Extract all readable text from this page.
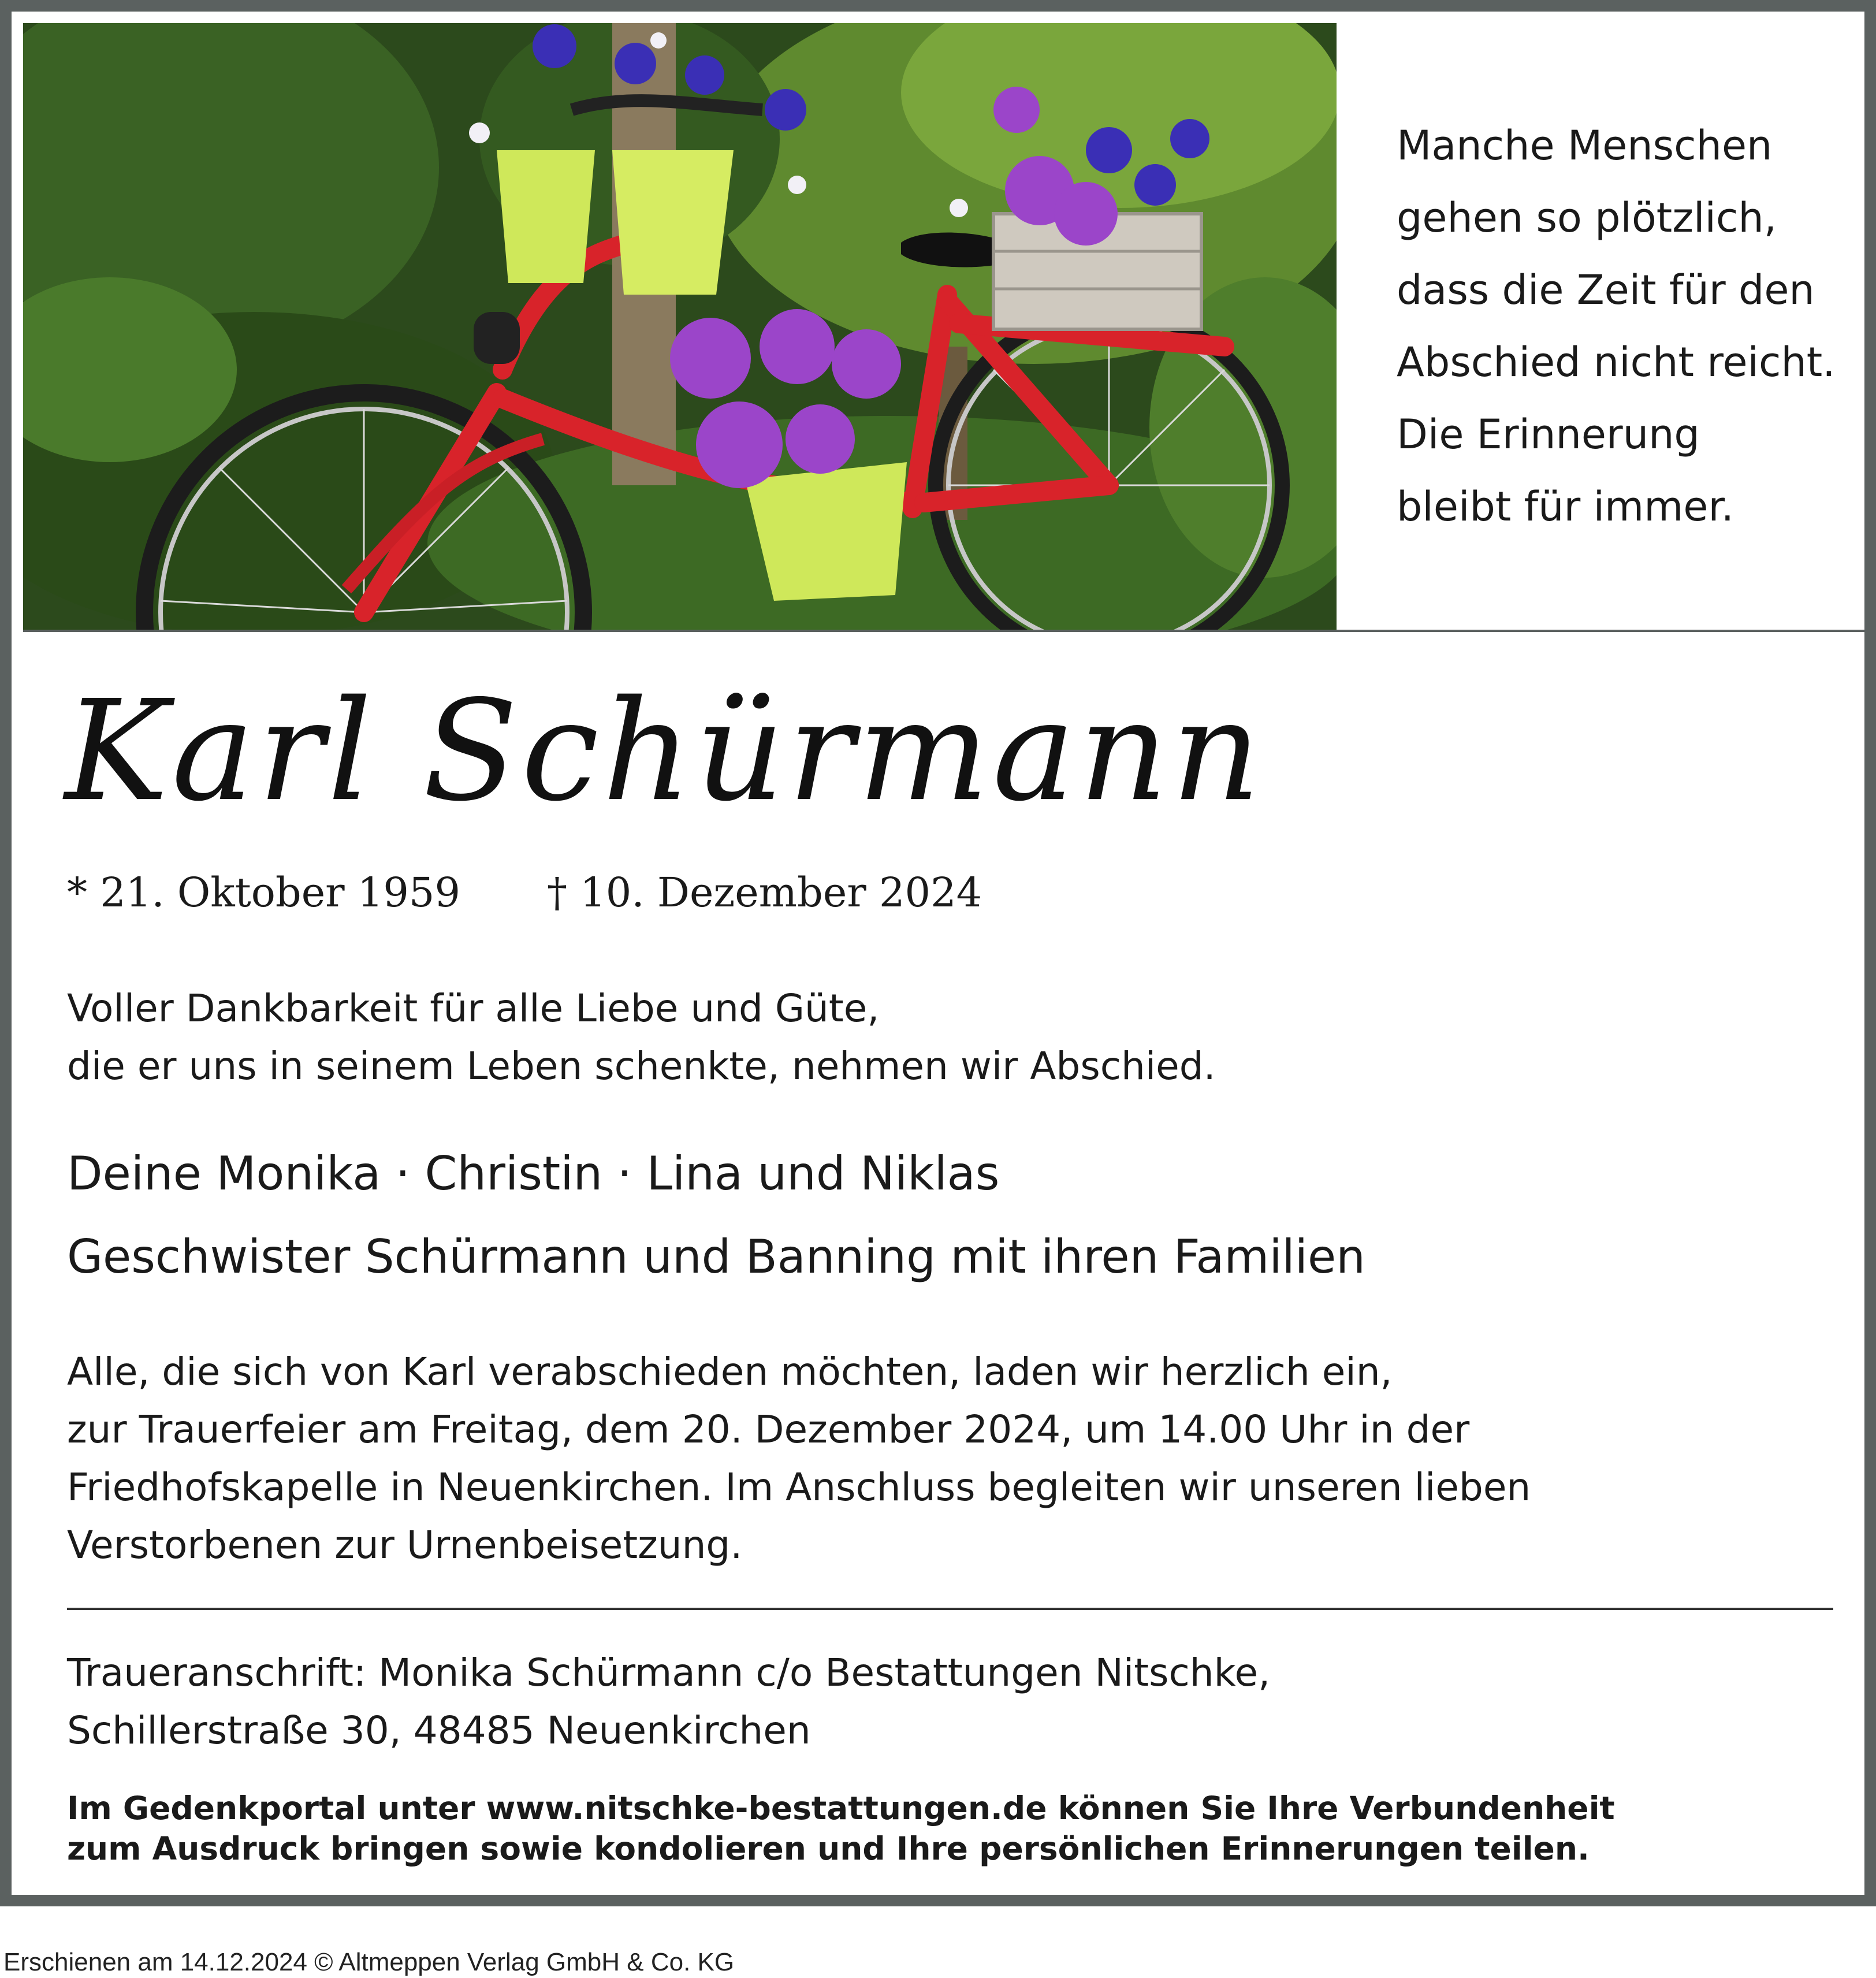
Manche Menschen
gehen so plötzlich,
dass die Zeit für den
Abschied nicht reicht.
Die Erinnerung
bleibt für immer.
Karl Schürmann
* 21. Oktober 1959 † 10. Dezember 2024
Voller Dankbarkeit für alle Liebe und Güte,
die er uns in seinem Leben schenkte, nehmen wir Abschied.
Deine Monika · Christin · Lina und Niklas
Geschwister Schürmann und Banning mit ihren Familien
Alle, die sich von Karl verabschieden möchten, laden wir herzlich ein,
zur Trauerfeier am Freitag, dem 20. Dezember 2024, um 14.00 Uhr in der
Friedhofskapelle in Neuenkirchen. Im Anschluss begleiten wir unseren lieben
Verstorbenen zur Urnenbeisetzung.
Traueranschrift: Monika Schürmann c/o Bestattungen Nitschke,
Schillerstraße 30, 48485 Neuenkirchen
Im Gedenkportal unter www.nitschke-bestattungen.de können Sie Ihre Verbundenheit
zum Ausdruck bringen sowie kondolieren und Ihre persönlichen Erinnerungen teilen.
Erschienen am 14.12.2024 © Altmeppen Verlag GmbH & Co. KG
